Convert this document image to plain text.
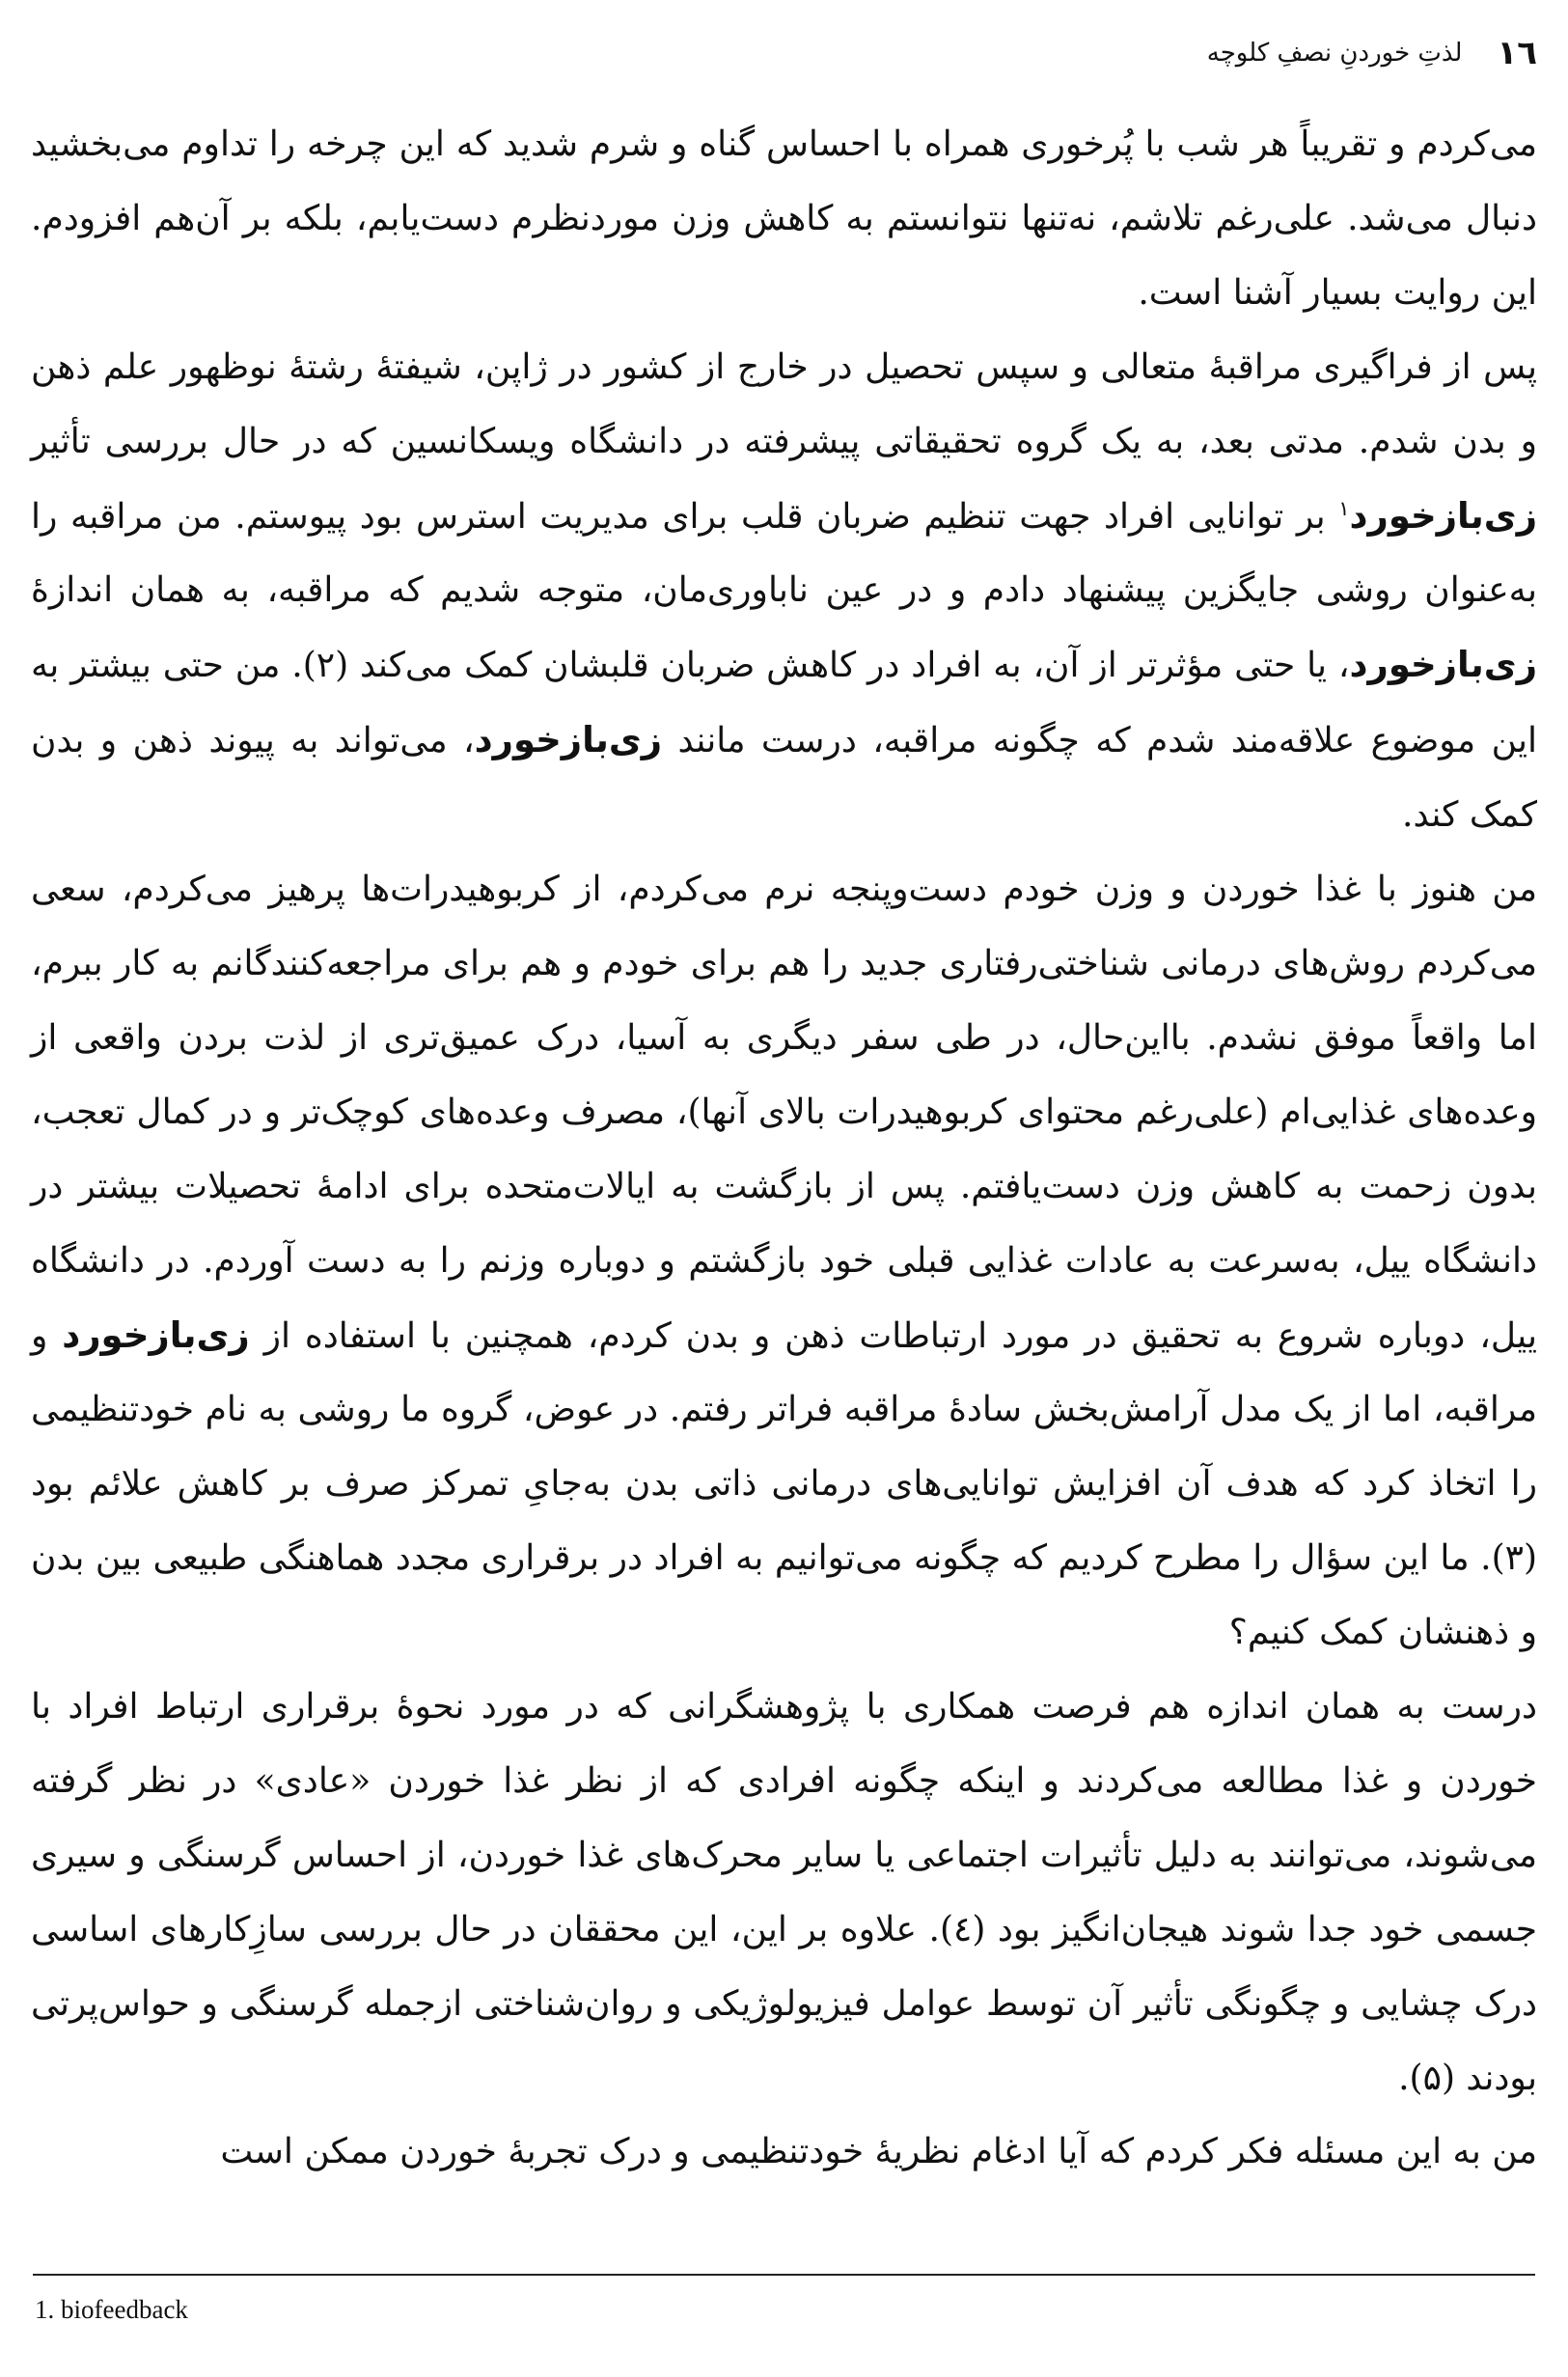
١٦
لذتِ خوردنِ نصفِ کلوچه

می‌کردم و تقریباً هر شب با پُرخوری همراه با احساس گناه و شرم شدید که این چرخه را تداوم می‌بخشید دنبال می‌شد. علی‌رغم تلاشم، نه‌تنها نتوانستم به کاهش وزن موردنظرم دست‌یابم، بلکه بر آن‌هم افزودم. این روایت بسیار آشنا است.

پس از فراگیری مراقبهٔ متعالی و سپس تحصیل در خارج از کشور در ژاپن، شیفتهٔ رشتهٔ نوظهور علم ذهن و بدن شدم. مدتی بعد، به یک گروه تحقیقاتی پیشرفته در دانشگاه ویسکانسین که در حال بررسی تأثیر زی‌بازخورد$^۱$ بر توانایی افراد جهت تنظیم ضربان قلب برای مدیریت استرس بود پیوستم. من مراقبه را به‌عنوان روشی جایگزین پیشنهاد دادم و در عین ناباوری‌مان، متوجه شدیم که مراقبه، به همان اندازهٔ زی‌بازخورد، یا حتی مؤثرتر از آن، به افراد در کاهش ضربان قلبشان کمک می‌کند (۲). من حتی بیشتر به این موضوع علاقه‌مند شدم که چگونه مراقبه، درست مانند زی‌بازخورد، می‌تواند به پیوند ذهن و بدن کمک کند.

من هنوز با غذا خوردن و وزن خودم دست‌وپنجه نرم می‌کردم، از کربوهیدرات‌ها پرهیز می‌کردم، سعی می‌کردم روش‌های درمانی شناختی‌رفتاری جدید را هم برای خودم و هم برای مراجعه‌کنندگانم به کار ببرم، اما واقعاً موفق نشدم. بااین‌حال، در طی سفر دیگری به آسیا، درک عمیق‌تری از لذت بردن واقعی از وعده‌های غذایی‌ام (علی‌رغم محتوای کربوهیدرات بالای آنها)، مصرف وعده‌های کوچک‌تر و در کمال تعجب، بدون زحمت به کاهش وزن دست‌یافتم. پس از بازگشت به ایالات‌متحده برای ادامهٔ تحصیلات بیشتر در دانشگاه ییل، به‌سرعت به عادات غذایی قبلی خود بازگشتم و دوباره وزنم را به دست آوردم. در دانشگاه ییل، دوباره شروع به تحقیق در مورد ارتباطات ذهن و بدن کردم، همچنین با استفاده از زی‌بازخورد و مراقبه، اما از یک مدل آرامش‌بخش سادهٔ مراقبه فراتر رفتم. در عوض، گروه ما روشی به نام خودتنظیمی را اتخاذ کرد که هدف آن افزایش توانایی‌های درمانی ذاتی بدن به‌جایِ تمرکز صرف بر کاهش علائم بود (۳). ما این سؤال را مطرح کردیم که چگونه می‌توانیم به افراد در برقراری مجدد هماهنگی طبیعی بین بدن و ذهنشان کمک کنیم؟

درست به همان اندازه هم فرصت همکاری با پژوهشگرانی که در مورد نحوهٔ برقراری ارتباط افراد با خوردن و غذا مطالعه می‌کردند و اینکه چگونه افرادی که از نظر غذا خوردن «عادی» در نظر گرفته می‌شوند، می‌توانند به دلیل تأثیرات اجتماعی یا سایر محرک‌های غذا خوردن، از احساس گرسنگی و سیری جسمی خود جدا شوند هیجان‌انگیز بود (٤). علاوه بر این، این محققان در حال بررسی سازِکارهای اساسی درک چشایی و چگونگی تأثیر آن توسط عوامل فیزیولوژیکی و روان‌شناختی ازجمله گرسنگی و حواس‌پرتی بودند (۵).

من به این مسئله فکر کردم که آیا ادغام نظریهٔ خودتنظیمی و درک تجربهٔ خوردن ممکن است

1. biofeedback
